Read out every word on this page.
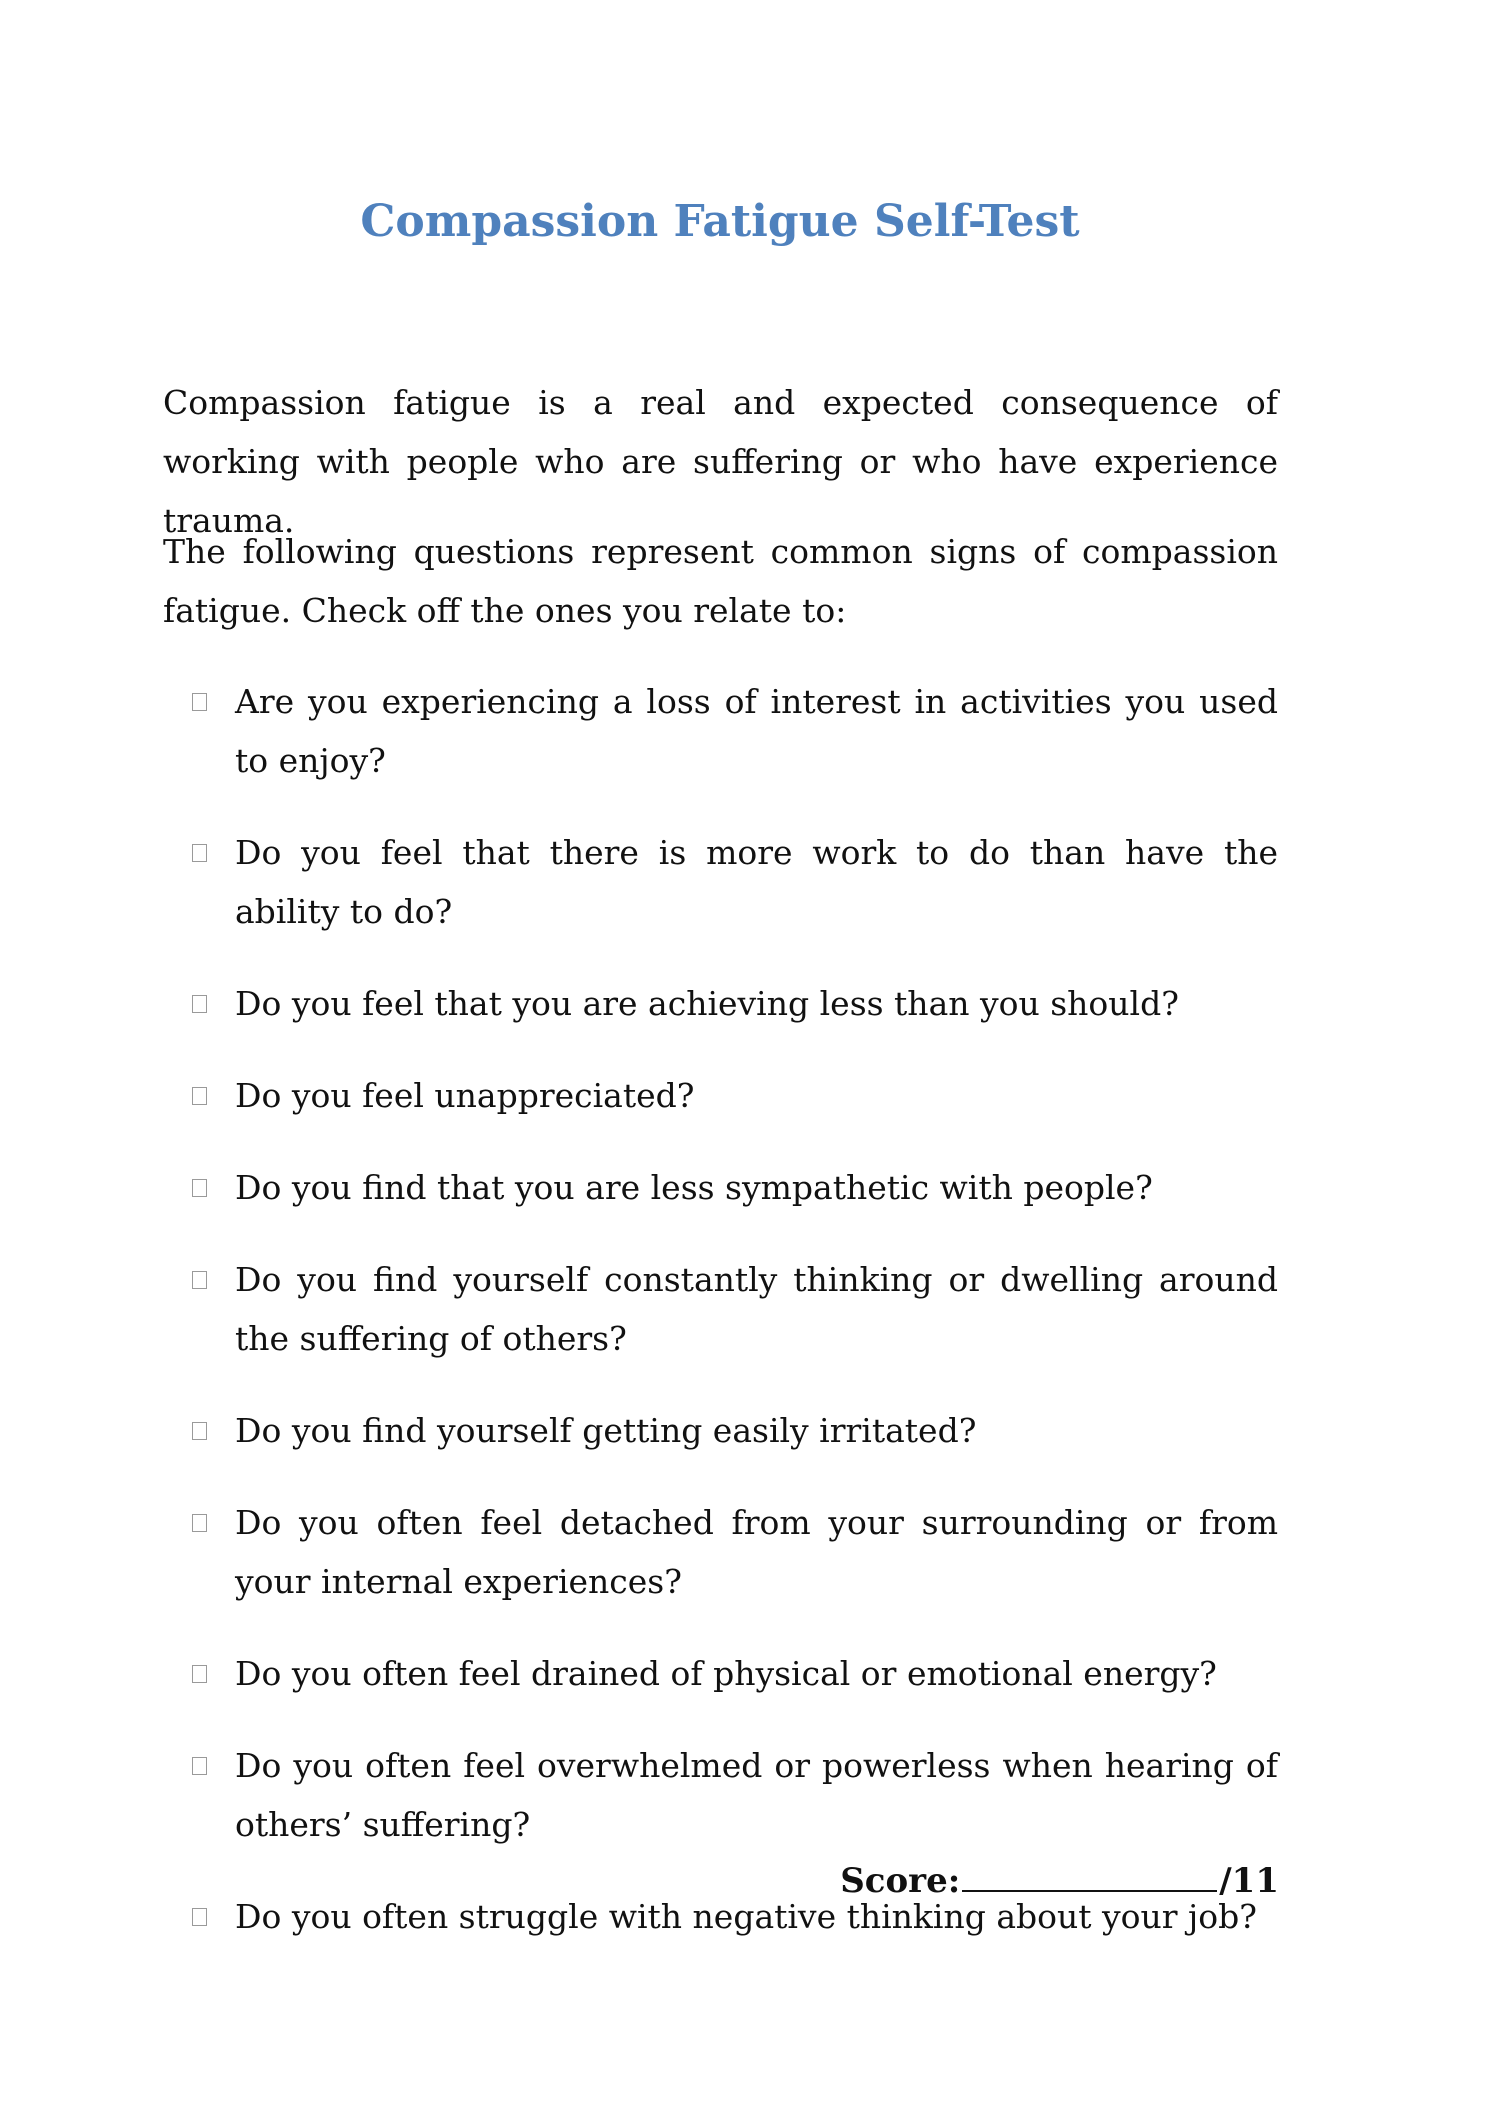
Compassion Fatigue Self-Test

Compassion fatigue is a real and expected consequence of working with people who are suffering or who have experience trauma.

The following questions represent common signs of compassion fatigue. Check off the ones you relate to:

Are you experiencing a loss of interest in activities you used to enjoy?
Do you feel that there is more work to do than have the ability to do?
Do you feel that you are achieving less than you should?
Do you feel unappreciated?
Do you find that you are less sympathetic with people?
Do you find yourself constantly thinking or dwelling around the suffering of others?
Do you find yourself getting easily irritated?
Do you often feel detached from your surrounding or from your internal experiences?
Do you often feel drained of physical or emotional energy?
Do you often feel overwhelmed or powerless when hearing of others’ suffering?
Do you often struggle with negative thinking about your job?
Score:	/11
